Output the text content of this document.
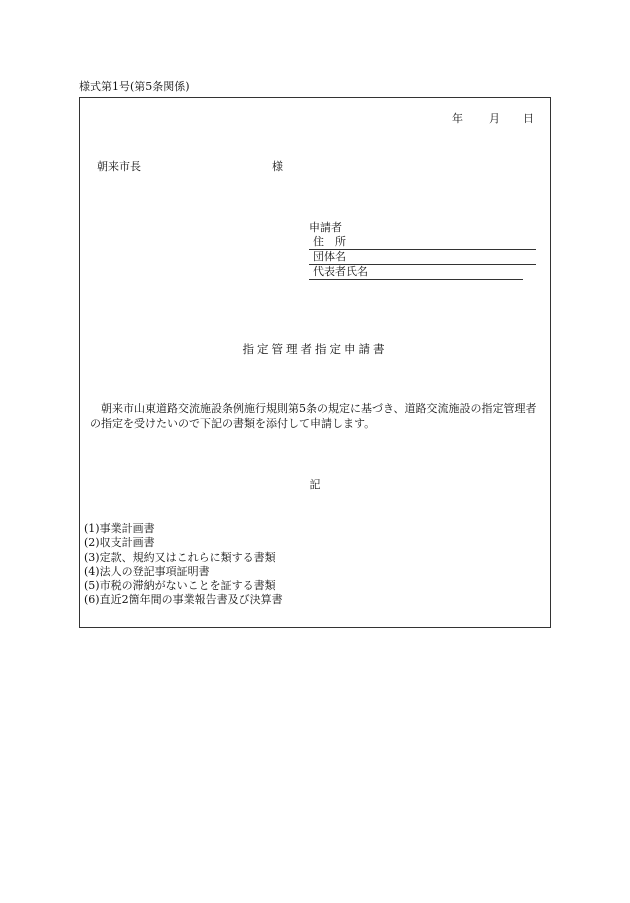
様式第1号(第5条関係)
年 月 日
朝来市長	様
申請者
住　所
団体名
代表者氏名
指定管理者指定申請書
朝来市山東道路交流施設条例施行規則第5条の規定に基づき、道路交流施設の指定管理者の指定を受けたいので下記の書類を添付して申請します。
記
(1)事業計画書
(2)収支計画書
(3)定款、規約又はこれらに類する書類
(4)法人の登記事項証明書
(5)市税の滞納がないことを証する書類
(6)直近2箇年間の事業報告書及び決算書
